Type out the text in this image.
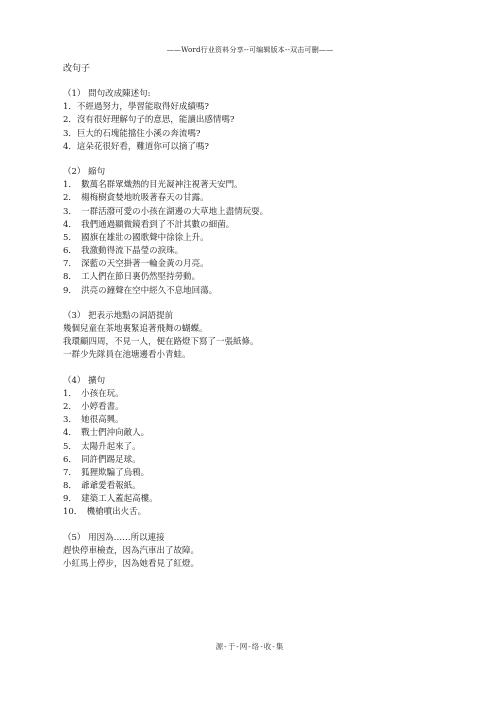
——Word行业资料分享--可编辑版本--双击可删——
改句子
（1） 問句改成陳述句:
1．不經過努力，學習能取得好成績嗎?
2．沒有很好理解句子的意思，能讀出感情嗎?
3．巨大的石塊能擋住小溪の奔流嗎?
4．這朵花很好看，難道你可以摘了嗎?
（2） 縮句
1．　數萬名群眾熾熱的目光凝神注視著天安門。
2．　楊梅樹貪婪地吮吸著春天の甘露。
3．　一群活潑可愛の小孩在湖邊の大草地上盡情玩耍。
4．　我們通過顯微鏡看到了不計其數の細菌。
5．　國旗在雄壯の國歌聲中徐徐上升。
6．　我激動得流下晶瑩の淚珠。
7．　深藍の天空掛著一輪金黃の月亮。
8．　工人們在節日裏仍然堅持勞動。
9．　洪亮の鐘聲在空中經久不息地回蕩。
（3） 把表示地點の詞語提前
幾個兒童在茶地裏緊追著飛舞の蝴蝶。
我環顧四周，不見一人，便在路燈下寫了一張紙條。
一群少先隊員在池塘邊看小青蛙。
（4） 擴句
1．　小孩在玩。
2．　小婷看書。
3．　她很高興。
4．　戰士們沖向敵人。
5．　太陽升起來了。
6．　同許們踢足球。
7．　狐狸欺騙了烏鴉。
8．　爺爺愛看報紙。
9．　建築工人蓋起高樓。
10．　機槍噴出火舌。
（5） 用因為……所以連接
趕快停車檢查，因為汽車出了故障。
小紅馬上停步，因為她看見了紅燈。
源-于-网-络-收-集
